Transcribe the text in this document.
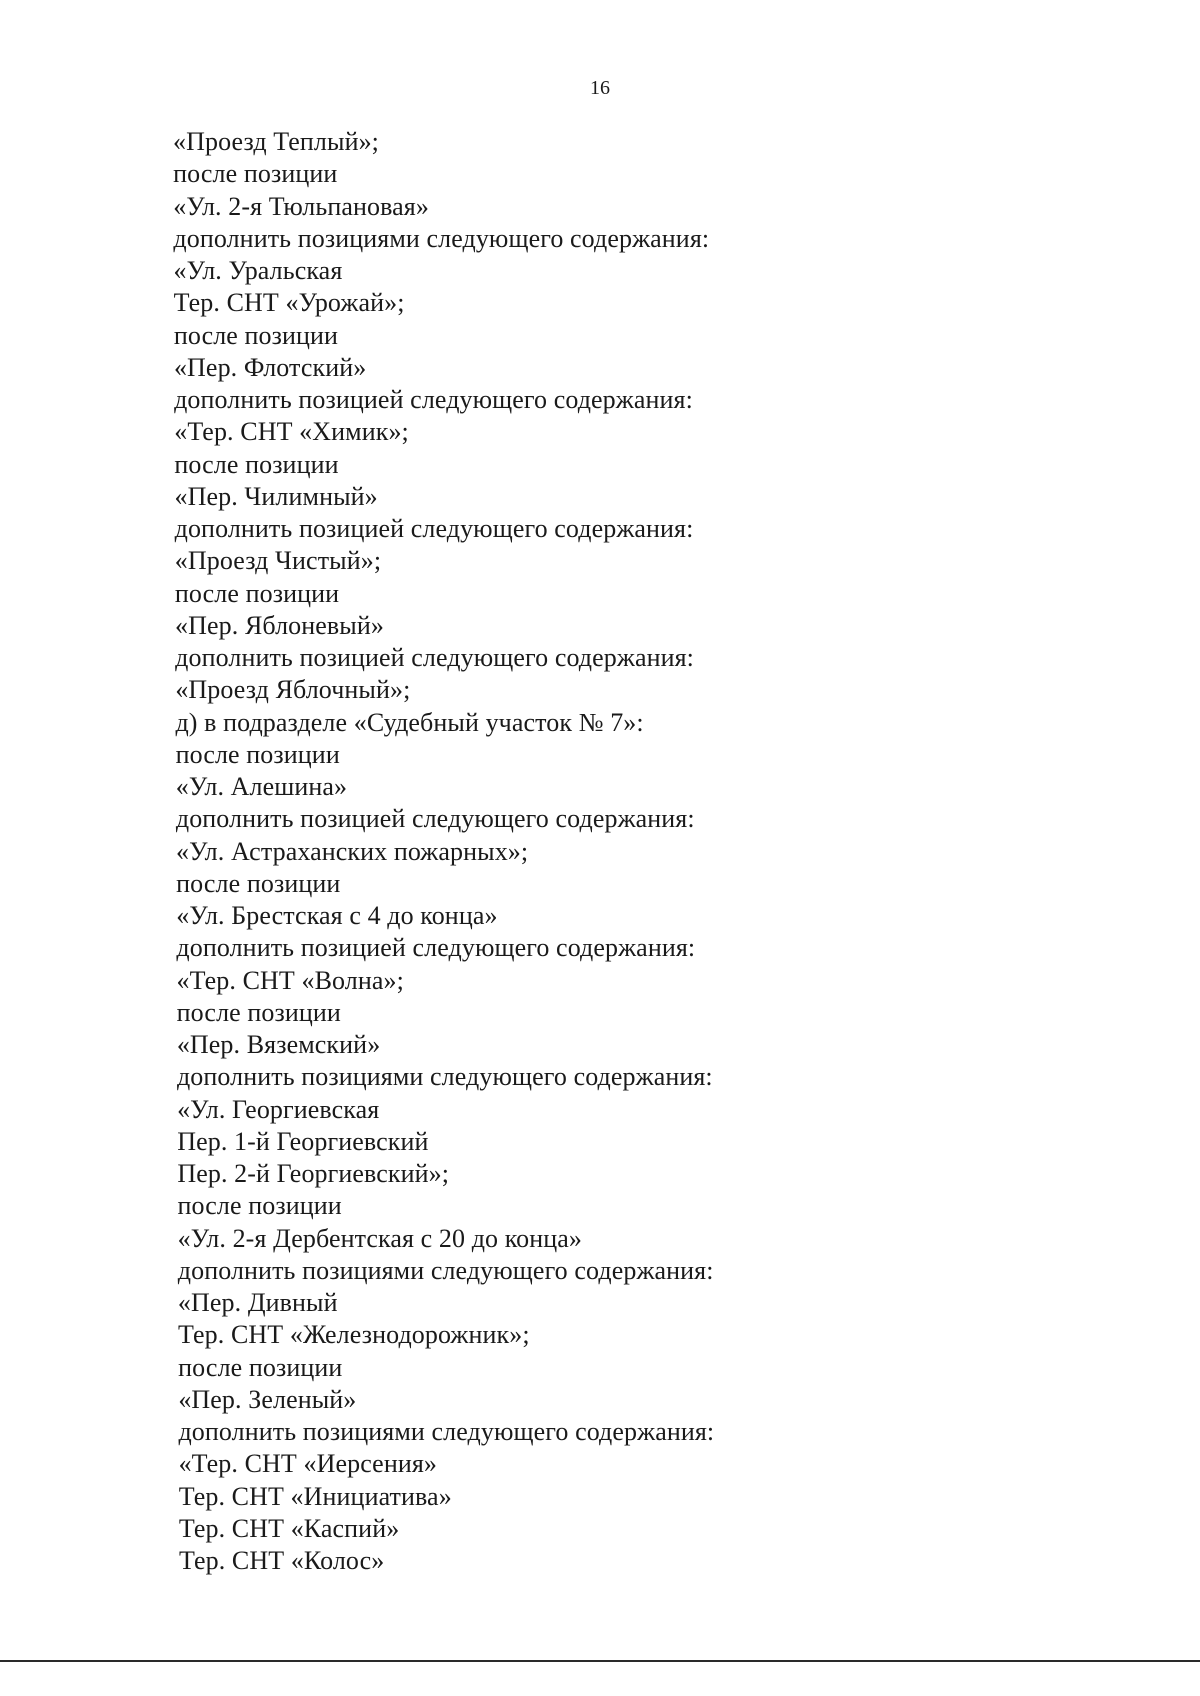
16
«Проезд Теплый»;
после позиции
«Ул. 2-я Тюльпановая»
дополнить позициями следующего содержания:
«Ул. Уральская
Тер. СНТ «Урожай»;
после позиции
«Пер. Флотский»
дополнить позицией следующего содержания:
«Тер. СНТ «Химик»;
после позиции
«Пер. Чилимный»
дополнить позицией следующего содержания:
«Проезд Чистый»;
после позиции
«Пер. Яблоневый»
дополнить позицией следующего содержания:
«Проезд Яблочный»;
д) в подразделе «Судебный участок № 7»:
после позиции
«Ул. Алешина»
дополнить позицией следующего содержания:
«Ул. Астраханских пожарных»;
после позиции
«Ул. Брестская с 4 до конца»
дополнить позицией следующего содержания:
«Тер. СНТ «Волна»;
после позиции
«Пер. Вяземский»
дополнить позициями следующего содержания:
«Ул. Георгиевская
Пер. 1-й Георгиевский
Пер. 2-й Георгиевский»;
после позиции
«Ул. 2-я Дербентская с 20 до конца»
дополнить позициями следующего содержания:
«Пер. Дивный
Тер. СНТ «Железнодорожник»;
после позиции
«Пер. Зеленый»
дополнить позициями следующего содержания:
«Тер. СНТ «Иерсения»
Тер. СНТ «Инициатива»
Тер. СНТ «Каспий»
Тер. СНТ «Колос»
